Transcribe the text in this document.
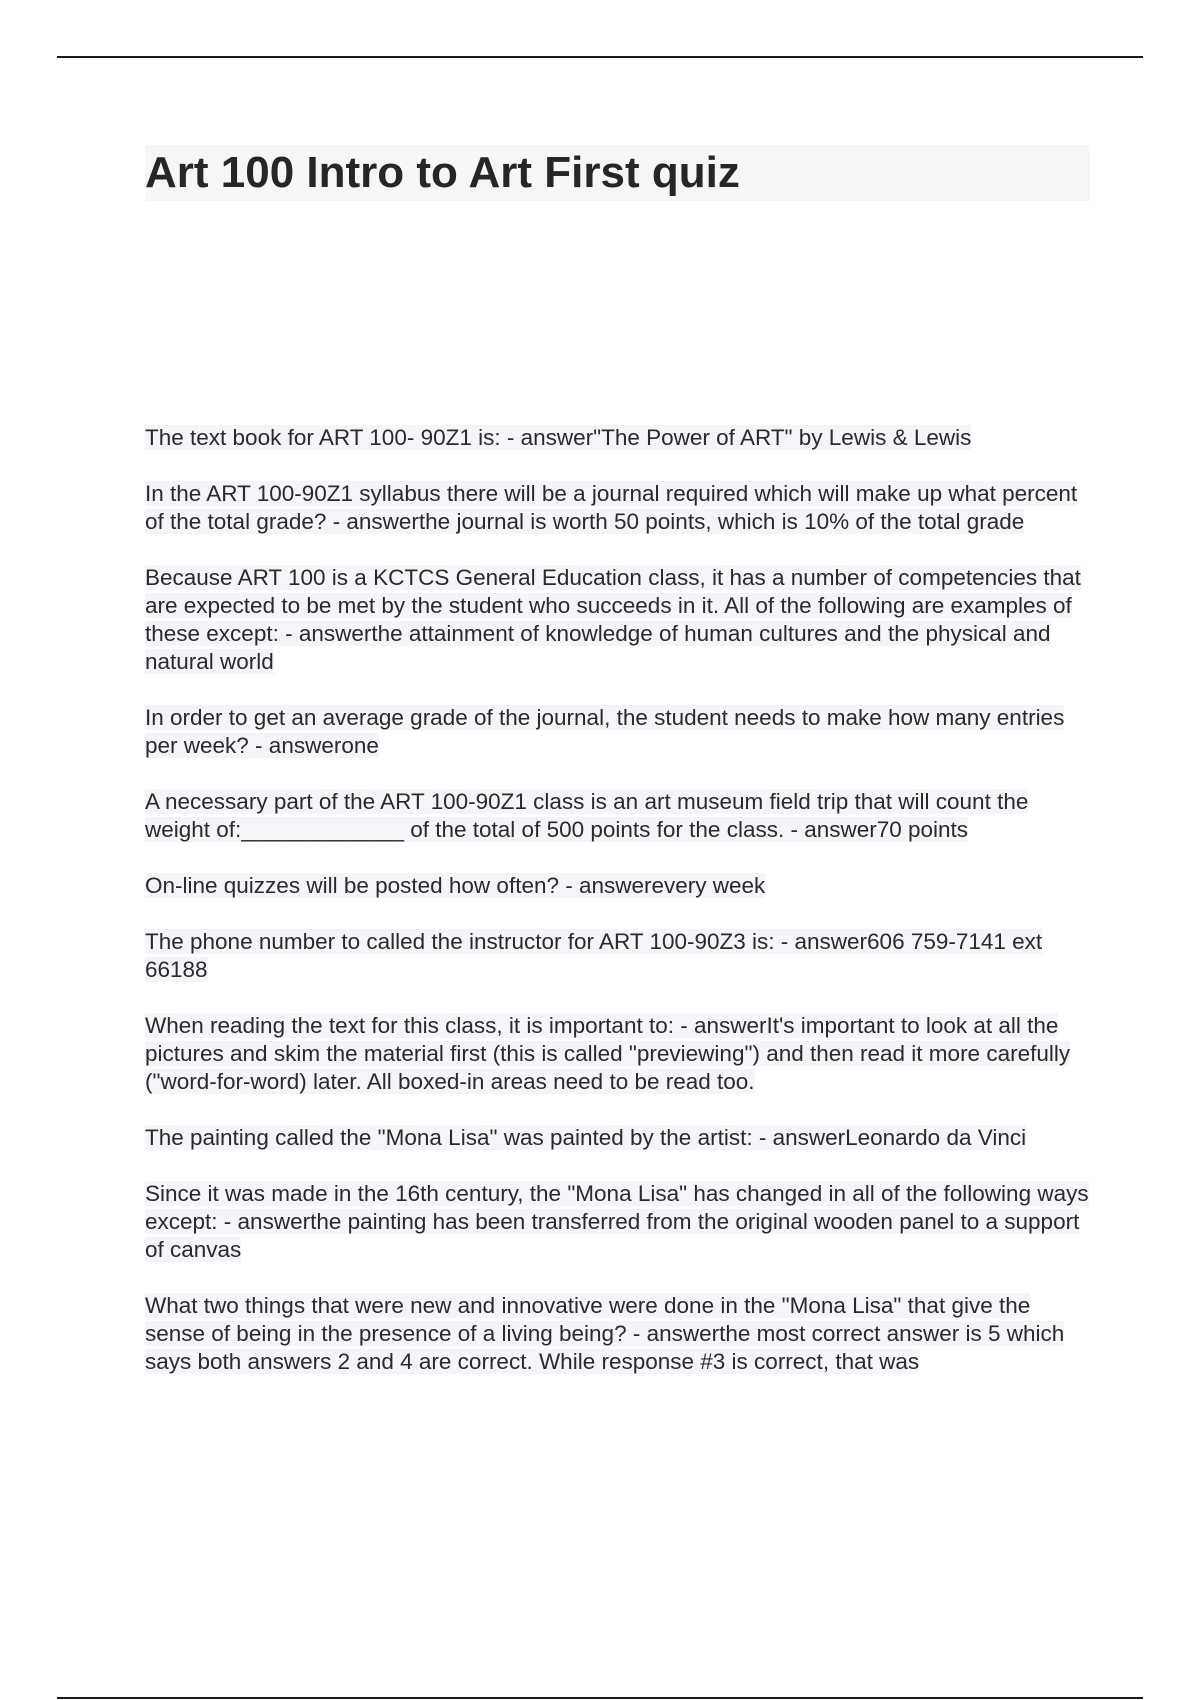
Art 100 Intro to Art First quiz

The text book for ART 100- 90Z1 is: - answer"The Power of ART" by Lewis & Lewis

In the ART 100-90Z1 syllabus there will be a journal required which will make up what percent of the total grade? - answerthe journal is worth 50 points, which is 10% of the total grade

Because ART 100 is a KCTCS General Education class, it has a number of competencies that are expected to be met by the student who succeeds in it. All of the following are examples of these except: - answerthe attainment of knowledge of human cultures and the physical and natural world

In order to get an average grade of the journal, the student needs to make how many entries per week? - answerone

A necessary part of the ART 100-90Z1 class is an art museum field trip that will count the weight of:_____________ of the total of 500 points for the class. - answer70 points

On-line quizzes will be posted how often? - answerevery week

The phone number to called the instructor for ART 100-90Z3 is: - answer606 759-7141 ext 66188

When reading the text for this class, it is important to: - answerIt's important to look at all the pictures and skim the material first (this is called "previewing") and then read it more carefully ("word-for-word) later. All boxed-in areas need to be read too.

The painting called the "Mona Lisa" was painted by the artist: - answerLeonardo da Vinci

Since it was made in the 16th century, the "Mona Lisa" has changed in all of the following ways except: - answerthe painting has been transferred from the original wooden panel to a support of canvas

What two things that were new and innovative were done in the "Mona Lisa" that give the sense of being in the presence of a living being? - answerthe most correct answer is 5 which says both answers 2 and 4 are correct. While response #3 is correct, that was
